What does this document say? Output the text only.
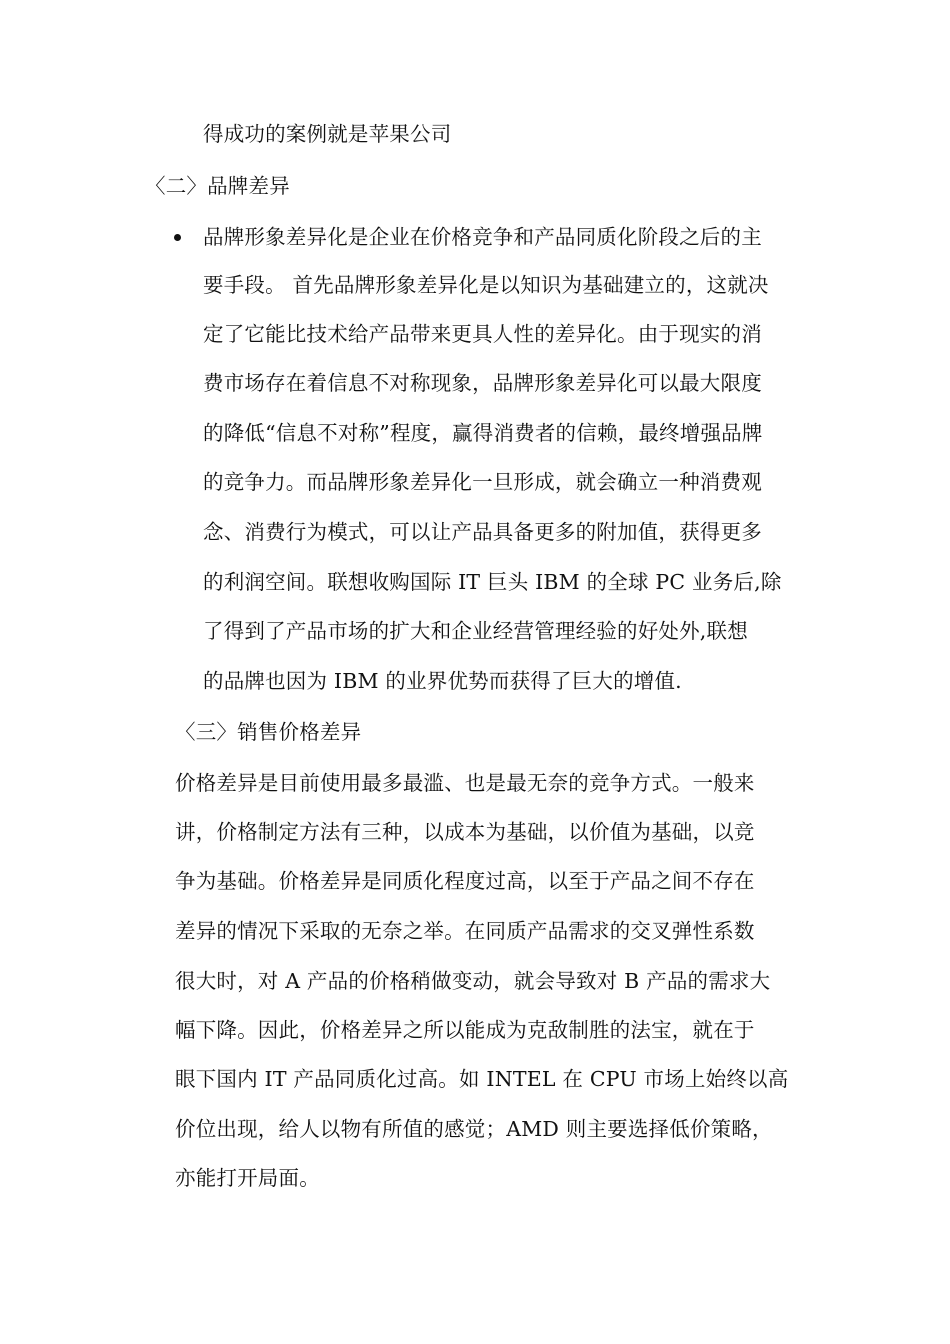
得成功的案例就是苹果公司
〈二〉品牌差异
品牌形象差异化是企业在价格竞争和产品同质化阶段之后的主
要手段。 首先品牌形象差异化是以知识为基础建立的，这就决
定了它能比技术给产品带来更具人性的差异化。由于现实的消
费市场存在着信息不对称现象，品牌形象差异化可以最大限度
的降低“信息不对称”程度，赢得消费者的信赖，最终增强品牌
的竞争力。而品牌形象差异化一旦形成，就会确立一种消费观
念、消费行为模式，可以让产品具备更多的附加值，获得更多
的利润空间。联想收购国际 IT 巨头 IBM 的全球 PC 业务后,除
了得到了产品市场的扩大和企业经营管理经验的好处外,联想
的品牌也因为 IBM 的业界优势而获得了巨大的增值.
〈三〉销售价格差异
价格差异是目前使用最多最滥、也是最无奈的竞争方式。一般来
讲，价格制定方法有三种，以成本为基础，以价值为基础，以竞
争为基础。价格差异是同质化程度过高，以至于产品之间不存在
差异的情况下采取的无奈之举。在同质产品需求的交叉弹性系数
很大时，对 A 产品的价格稍做变动，就会导致对 B 产品的需求大
幅下降。因此，价格差异之所以能成为克敌制胜的法宝，就在于
眼下国内 IT 产品同质化过高。如 INTEL 在 CPU 市场上始终以高
价位出现，给人以物有所值的感觉；AMD 则主要选择低价策略，
亦能打开局面。
